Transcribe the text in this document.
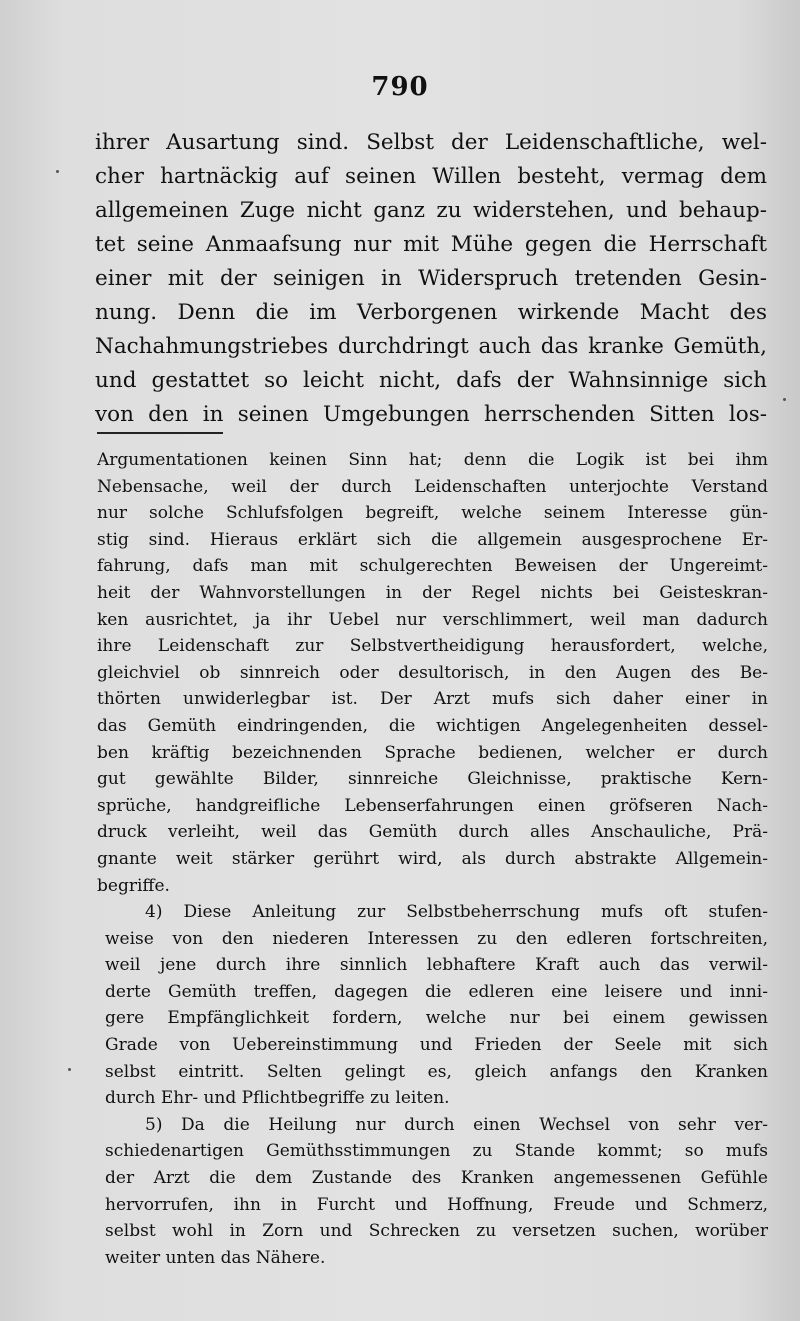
790
ihrer Ausartung sind. Selbst der Leidenschaftliche, wel-
cher hartnäckig auf seinen Willen besteht, vermag dem
allgemeinen Zuge nicht ganz zu widerstehen, und behaup-
tet seine Anmaafsung nur mit Mühe gegen die Herrschaft
einer mit der seinigen in Widerspruch tretenden Gesin-
nung. Denn die im Verborgenen wirkende Macht des
Nachahmungstriebes durchdringt auch das kranke Gemüth,
und gestattet so leicht nicht, dafs der Wahnsinnige sich
von den in seinen Umgebungen herrschenden Sitten los-
Argumentationen keinen Sinn hat; denn die Logik ist bei ihm
Nebensache, weil der durch Leidenschaften unterjochte Verstand
nur solche Schlufsfolgen begreift, welche seinem Interesse gün-
stig sind. Hieraus erklärt sich die allgemein ausgesprochene Er-
fahrung, dafs man mit schulgerechten Beweisen der Ungereimt-
heit der Wahnvorstellungen in der Regel nichts bei Geisteskran-
ken ausrichtet, ja ihr Uebel nur verschlimmert, weil man dadurch
ihre Leidenschaft zur Selbstvertheidigung herausfordert, welche,
gleichviel ob sinnreich oder desultorisch, in den Augen des Be-
thörten unwiderlegbar ist. Der Arzt mufs sich daher einer in
das Gemüth eindringenden, die wichtigen Angelegenheiten dessel-
ben kräftig bezeichnenden Sprache bedienen, welcher er durch
gut gewählte Bilder, sinnreiche Gleichnisse, praktische Kern-
sprüche, handgreifliche Lebenserfahrungen einen gröfseren Nach-
druck verleiht, weil das Gemüth durch alles Anschauliche, Prä-
gnante weit stärker gerührt wird, als durch abstrakte Allgemein-
begriffe.
4) Diese Anleitung zur Selbstbeherrschung mufs oft stufen-
weise von den niederen Interessen zu den edleren fortschreiten,
weil jene durch ihre sinnlich lebhaftere Kraft auch das verwil-
derte Gemüth treffen, dagegen die edleren eine leisere und inni-
gere Empfänglichkeit fordern, welche nur bei einem gewissen
Grade von Uebereinstimmung und Frieden der Seele mit sich
selbst eintritt. Selten gelingt es, gleich anfangs den Kranken
durch Ehr- und Pflichtbegriffe zu leiten.
5) Da die Heilung nur durch einen Wechsel von sehr ver-
schiedenartigen Gemüthsstimmungen zu Stande kommt; so mufs
der Arzt die dem Zustande des Kranken angemessenen Gefühle
hervorrufen, ihn in Furcht und Hoffnung, Freude und Schmerz,
selbst wohl in Zorn und Schrecken zu versetzen suchen, worüber
weiter unten das Nähere.
